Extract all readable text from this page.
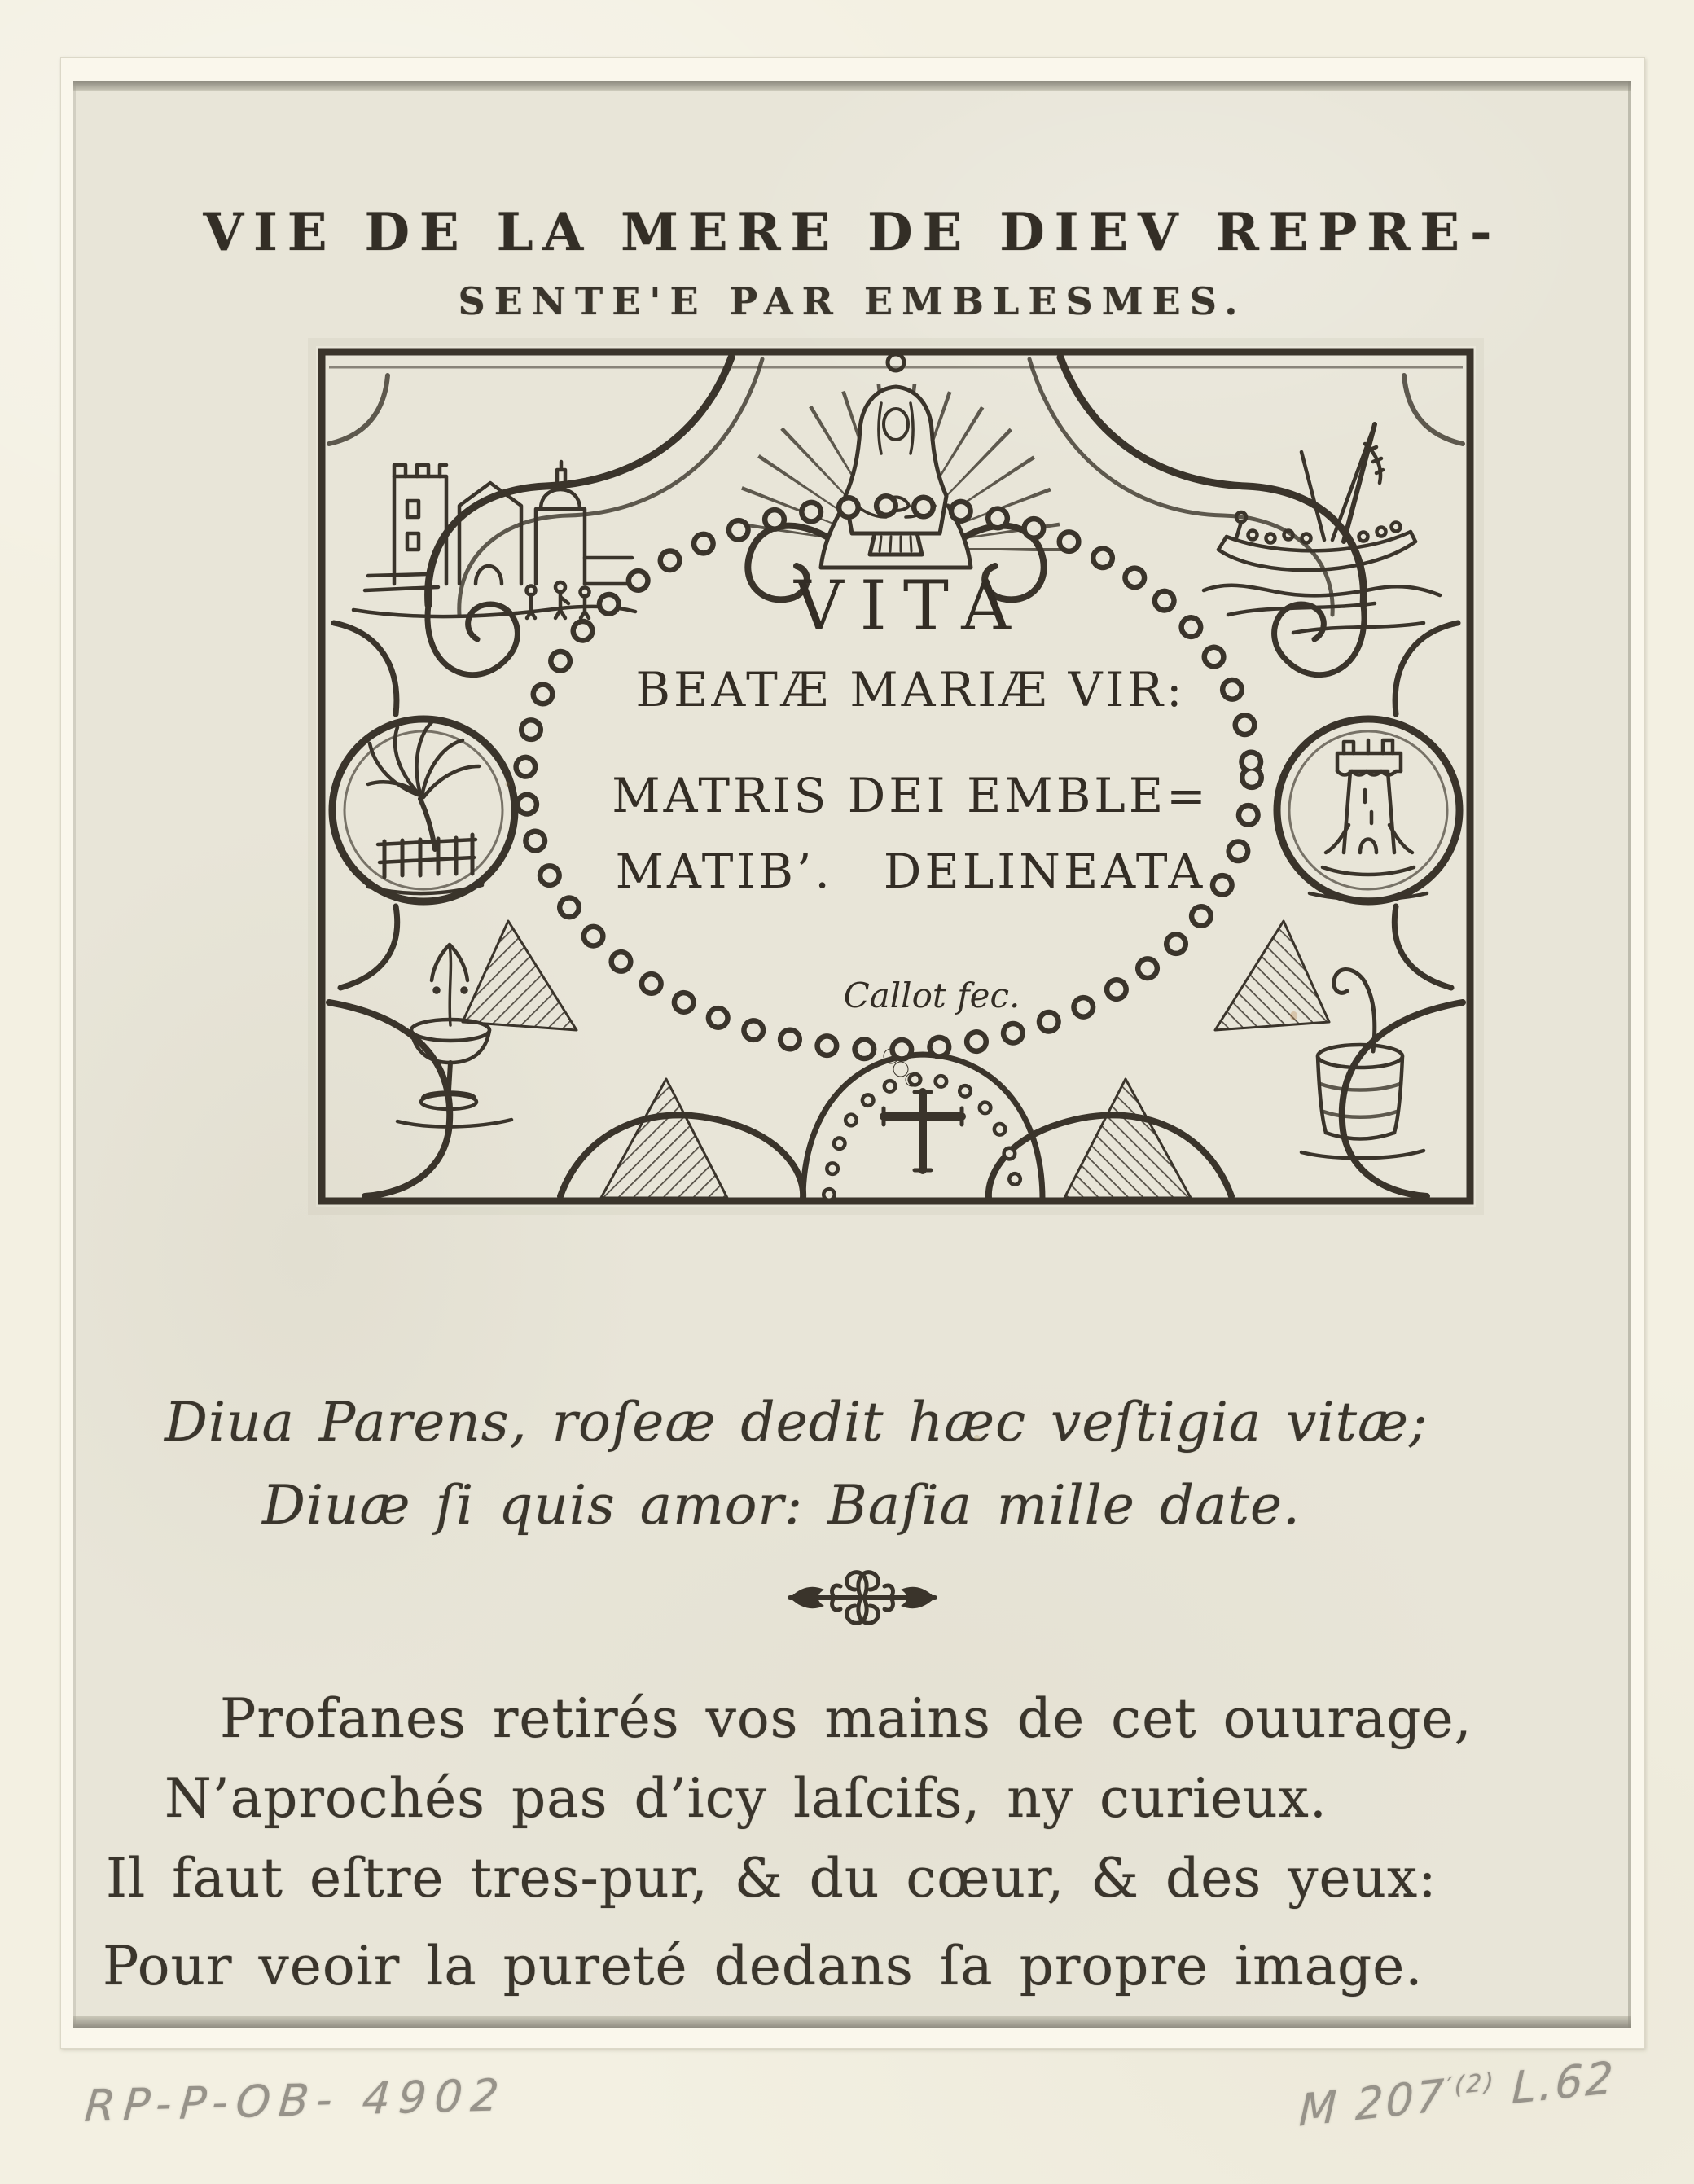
VIE DE LA MERE DE DIEV REPRE-
SENTE'E PAR EMBLESMES.
VITA
BEATÆ MARIÆ VIR:
MATRIS DEI EMBLE=
MATIB’. DELINEATA
Callot fec.
Diua Parens, roſeæ dedit hæc veſtigia vitæ;
Diuæ ſi quis amor: Baſia mille date.
Profanes retirés vos mains de cet ouurage,
N’aprochés pas d’icy laſcifs, ny curieux.
Il faut eſtre tres-pur, & du cœur, & des yeux:
Pour veoir la pureté dedans ſa propre image.
RP-P-OB- 4902	M $207^{'(2)}$ L.62
